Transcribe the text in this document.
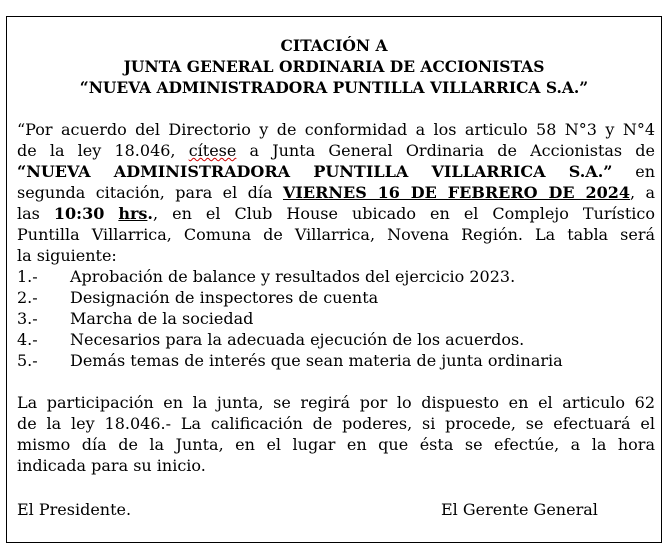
CITACIÓN A
JUNTA GENERAL ORDINARIA DE ACCIONISTAS
“NUEVA ADMINISTRADORA PUNTILLA VILLARRICA S.A.”
“Por acuerdo del Directorio y de conformidad a los articulo 58 N°3 y N°4
de la ley 18.046, cítese a Junta General Ordinaria de Accionistas de
“NUEVA ADMINISTRADORA PUNTILLA VILLARRICA S.A.” en
segunda citación, para el día VIERNES 16 DE FEBRERO DE 2024, a
las 10:30 hrs., en el Club House ubicado en el Complejo Turístico
Puntilla Villarrica, Comuna de Villarrica, Novena Región. La tabla será
la siguiente:
1.- Aprobación de balance y resultados del ejercicio 2023.
2.- Designación de inspectores de cuenta
3.- Marcha de la sociedad
4.- Necesarios para la adecuada ejecución de los acuerdos.
5.- Demás temas de interés que sean materia de junta ordinaria
La participación en la junta, se regirá por lo dispuesto en el articulo 62
de la ley 18.046.- La calificación de poderes, si procede, se efectuará el
mismo día de la Junta, en el lugar en que ésta se efectúe, a la hora
indicada para su inicio.
El Presidente.	El Gerente General
